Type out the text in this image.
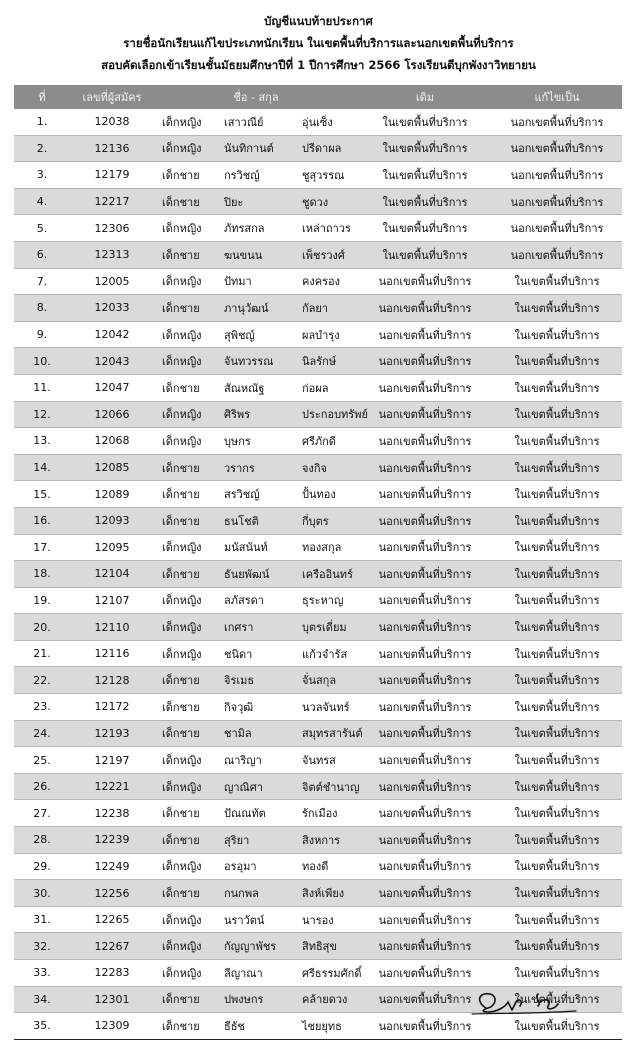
บัญชีแนบท้ายประกาศ
รายชื่อนักเรียนแก้ไขประเภทนักเรียน ในเขตพื้นที่บริการและนอกเขตพื้นที่บริการ
สอบคัดเลือกเข้าเรียนชั้นมัธยมศึกษาปีที่ 1 ปีการศึกษา 2566 โรงเรียนตีบุกพังงาวิทยายน
ที่	เลขที่ผู้สมัคร	ชื่อ - สกุล	เดิม	แก้ไขเป็น
1.	12038	เด็กหญิง เสาวณีย์ อุ่นเซ็ง	ในเขตพื้นที่บริการ	นอกเขตพื้นที่บริการ
2.	12136	เด็กหญิง นันทิกานต์ ปรีดาผล	ในเขตพื้นที่บริการ	นอกเขตพื้นที่บริการ
3.	12179	เด็กชาย กรวิชญ์ ชูสุวรรณ	ในเขตพื้นที่บริการ	นอกเขตพื้นที่บริการ
4.	12217	เด็กชาย ปิยะ ชูดวง	ในเขตพื้นที่บริการ	นอกเขตพื้นที่บริการ
5.	12306	เด็กหญิง ภัทรสกล เหล่าถาวร	ในเขตพื้นที่บริการ	นอกเขตพื้นที่บริการ
6.	12313	เด็กชาย ฆนขนน เพ็ชรวงศ์	ในเขตพื้นที่บริการ	นอกเขตพื้นที่บริการ
7.	12005	เด็กหญิง ปัทมา คงครอง	นอกเขตพื้นที่บริการ	ในเขตพื้นที่บริการ
8.	12033	เด็กชาย ภานุวัฒน์ กัลยา	นอกเขตพื้นที่บริการ	ในเขตพื้นที่บริการ
9.	12042	เด็กหญิง สุพิชญ์ ผลบำรุง	นอกเขตพื้นที่บริการ	ในเขตพื้นที่บริการ
10.	12043	เด็กหญิง จันทวรรณ นิลรักษ์	นอกเขตพื้นที่บริการ	ในเขตพื้นที่บริการ
11.	12047	เด็กชาย สัณหณัฐ ก่อผล	นอกเขตพื้นที่บริการ	ในเขตพื้นที่บริการ
12.	12066	เด็กหญิง ศิริพร ประกอบทรัพย์	นอกเขตพื้นที่บริการ	ในเขตพื้นที่บริการ
13.	12068	เด็กหญิง บุษกร ศรีภักดี	นอกเขตพื้นที่บริการ	ในเขตพื้นที่บริการ
14.	12085	เด็กชาย วรากร จงกิจ	นอกเขตพื้นที่บริการ	ในเขตพื้นที่บริการ
15.	12089	เด็กชาย สรวิชญ์ ปั้นทอง	นอกเขตพื้นที่บริการ	ในเขตพื้นที่บริการ
16.	12093	เด็กชาย ธนโชติ กี่บุตร	นอกเขตพื้นที่บริการ	ในเขตพื้นที่บริการ
17.	12095	เด็กหญิง มนัสนันท์ ทองสกุล	นอกเขตพื้นที่บริการ	ในเขตพื้นที่บริการ
18.	12104	เด็กชาย ธันยพัฒน์ เครืออินทร์	นอกเขตพื้นที่บริการ	ในเขตพื้นที่บริการ
19.	12107	เด็กหญิง ลภัสรดา ธุระหาญ	นอกเขตพื้นที่บริการ	ในเขตพื้นที่บริการ
20.	12110	เด็กหญิง เกศรา บุตรเดี่ยม	นอกเขตพื้นที่บริการ	ในเขตพื้นที่บริการ
21.	12116	เด็กหญิง ชนิดา แก้วจำรัส	นอกเขตพื้นที่บริการ	ในเขตพื้นที่บริการ
22.	12128	เด็กชาย จิรเมธ จั่นสกุล	นอกเขตพื้นที่บริการ	ในเขตพื้นที่บริการ
23.	12172	เด็กชาย กิจวุฒิ นวลจันทร์	นอกเขตพื้นที่บริการ	ในเขตพื้นที่บริการ
24.	12193	เด็กชาย ชามิล สมุทรสารันต์	นอกเขตพื้นที่บริการ	ในเขตพื้นที่บริการ
25.	12197	เด็กหญิง ณาริญา จันทรส	นอกเขตพื้นที่บริการ	ในเขตพื้นที่บริการ
26.	12221	เด็กหญิง ญาณิศา จิตต์ชำนาญ	นอกเขตพื้นที่บริการ	ในเขตพื้นที่บริการ
27.	12238	เด็กชาย ปัณณทัต รักเมือง	นอกเขตพื้นที่บริการ	ในเขตพื้นที่บริการ
28.	12239	เด็กชาย สุริยา สิงหการ	นอกเขตพื้นที่บริการ	ในเขตพื้นที่บริการ
29.	12249	เด็กหญิง อรอุมา ทองดี	นอกเขตพื้นที่บริการ	ในเขตพื้นที่บริการ
30.	12256	เด็กชาย กนกพล สิงห์เพียง	นอกเขตพื้นที่บริการ	ในเขตพื้นที่บริการ
31.	12265	เด็กหญิง นราวัตน์ นารอง	นอกเขตพื้นที่บริการ	ในเขตพื้นที่บริการ
32.	12267	เด็กหญิง กัญญาพัชร สิทธิสุข	นอกเขตพื้นที่บริการ	ในเขตพื้นที่บริการ
33.	12283	เด็กหญิง ลีญาณา ศรีธรรมศักดิ์	นอกเขตพื้นที่บริการ	ในเขตพื้นที่บริการ
34.	12301	เด็กชาย ปพงษกร คล้ายดวง	นอกเขตพื้นที่บริการ	ในเขตพื้นที่บริการ
35.	12309	เด็กชาย ธีธัช ไชยยุทธ	นอกเขตพื้นที่บริการ	ในเขตพื้นที่บริการ
